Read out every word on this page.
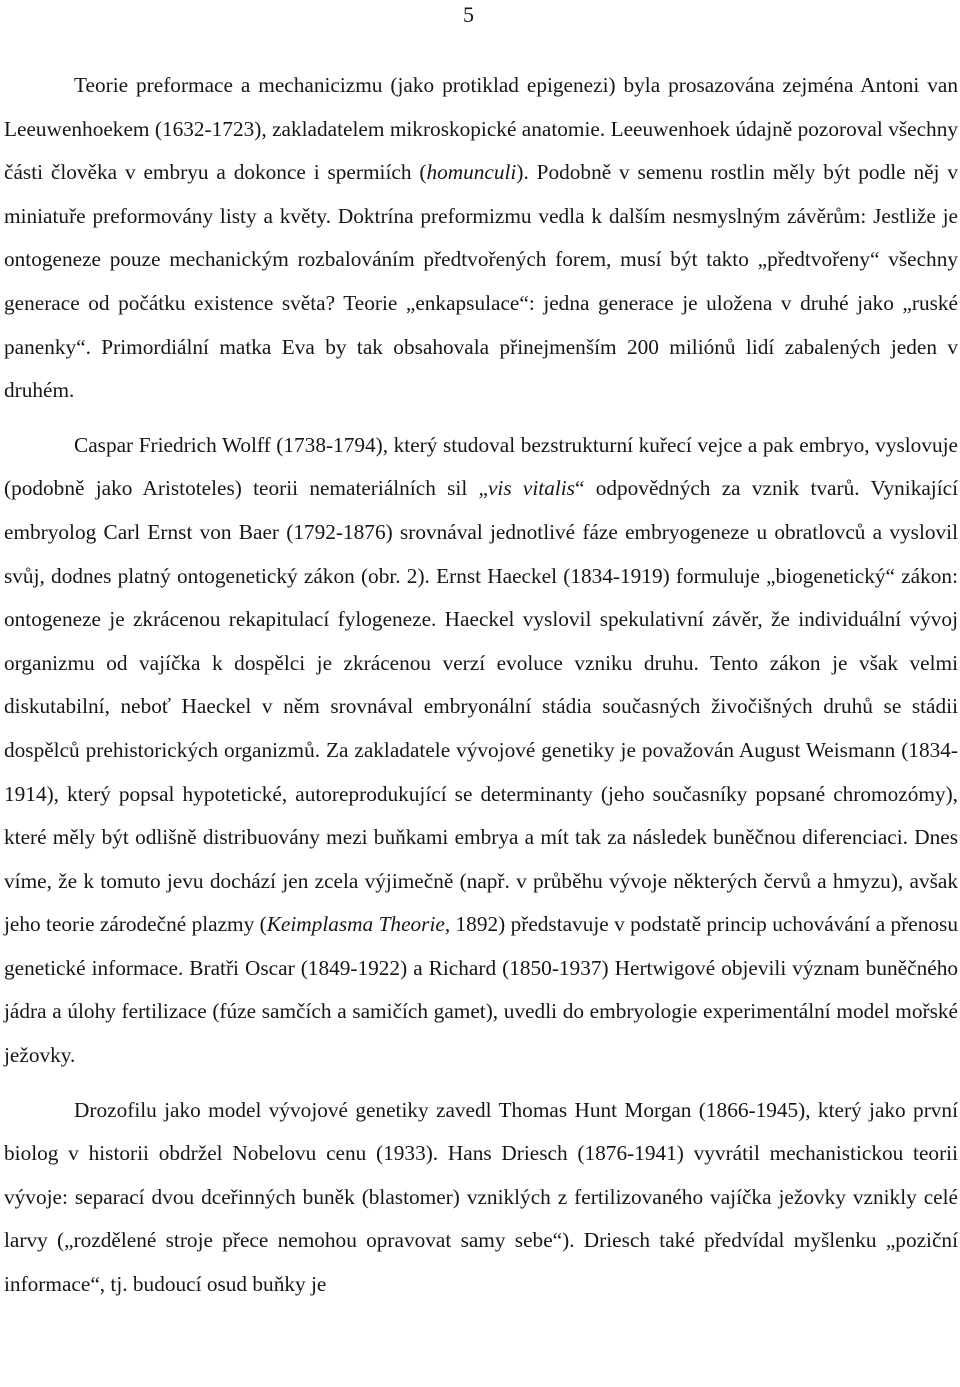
5

Teorie preformace a mechanicizmu (jako protiklad epigenezi) byla prosazována zejména Antoni van Leeuwenhoekem (1632-1723), zakladatelem mikroskopické anatomie. Leeuwenhoek údajně pozoroval všechny části člověka v embryu a dokonce i spermiích (homunculi). Podobně v semenu rostlin měly být podle něj v miniatuře preformovány listy a květy. Doktrína preformizmu vedla k dalším nesmyslným závěrům: Jestliže je ontogeneze pouze mechanickým rozbalováním předtvořených forem, musí být takto „předtvořeny“ všechny generace od počátku existence světa? Teorie „enkapsulace“: jedna generace je uložena v druhé jako „ruské panenky“. Primordiální matka Eva by tak obsahovala přinejmenším 200 miliónů lidí zabalených jeden v druhém.

Caspar Friedrich Wolff (1738-1794), který studoval bezstrukturní kuřecí vejce a pak embryo, vyslovuje (podobně jako Aristoteles) teorii nemateriálních sil „vis vitalis“ odpovědných za vznik tvarů. Vynikající embryolog Carl Ernst von Baer (1792-1876) srovnával jednotlivé fáze embryogeneze u obratlovců a vyslovil svůj, dodnes platný ontogenetický zákon (obr. 2). Ernst Haeckel (1834-1919) formuluje „biogenetický“ zákon: ontogeneze je zkrácenou rekapitulací fylogeneze. Haeckel vyslovil spekulativní závěr, že individuální vývoj organizmu od vajíčka k dospělci je zkrácenou verzí evoluce vzniku druhu. Tento zákon je však velmi diskutabilní, neboť Haeckel v něm srovnával embryonální stádia současných živočišných druhů se stádii dospělců prehistorických organizmů. Za zakladatele vývojové genetiky je považován August Weismann (1834-1914), který popsal hypotetické, autoreprodukující se determinanty (jeho současníky popsané chromozómy), které měly být odlišně distribuovány mezi buňkami embrya a mít tak za následek buněčnou diferenciaci. Dnes víme, že k tomuto jevu dochází jen zcela výjimečně (např. v průběhu vývoje některých červů a hmyzu), avšak jeho teorie zárodečné plazmy (Keimplasma Theorie, 1892) představuje v podstatě princip uchovávání a přenosu genetické informace. Bratři Oscar (1849-1922) a Richard (1850-1937) Hertwigové objevili význam buněčného jádra a úlohy fertilizace (fúze samčích a samičích gamet), uvedli do embryologie experimentální model mořské ježovky.

Drozofilu jako model vývojové genetiky zavedl Thomas Hunt Morgan (1866-1945), který jako první biolog v historii obdržel Nobelovu cenu (1933). Hans Driesch (1876-1941) vyvrátil mechanistickou teorii vývoje: separací dvou dceřinných buněk (blastomer) vzniklých z fertilizovaného vajíčka ježovky vznikly celé larvy („rozdělené stroje přece nemohou opravovat samy sebe“). Driesch také předvídal myšlenku „poziční informace“, tj. budoucí osud buňky je
